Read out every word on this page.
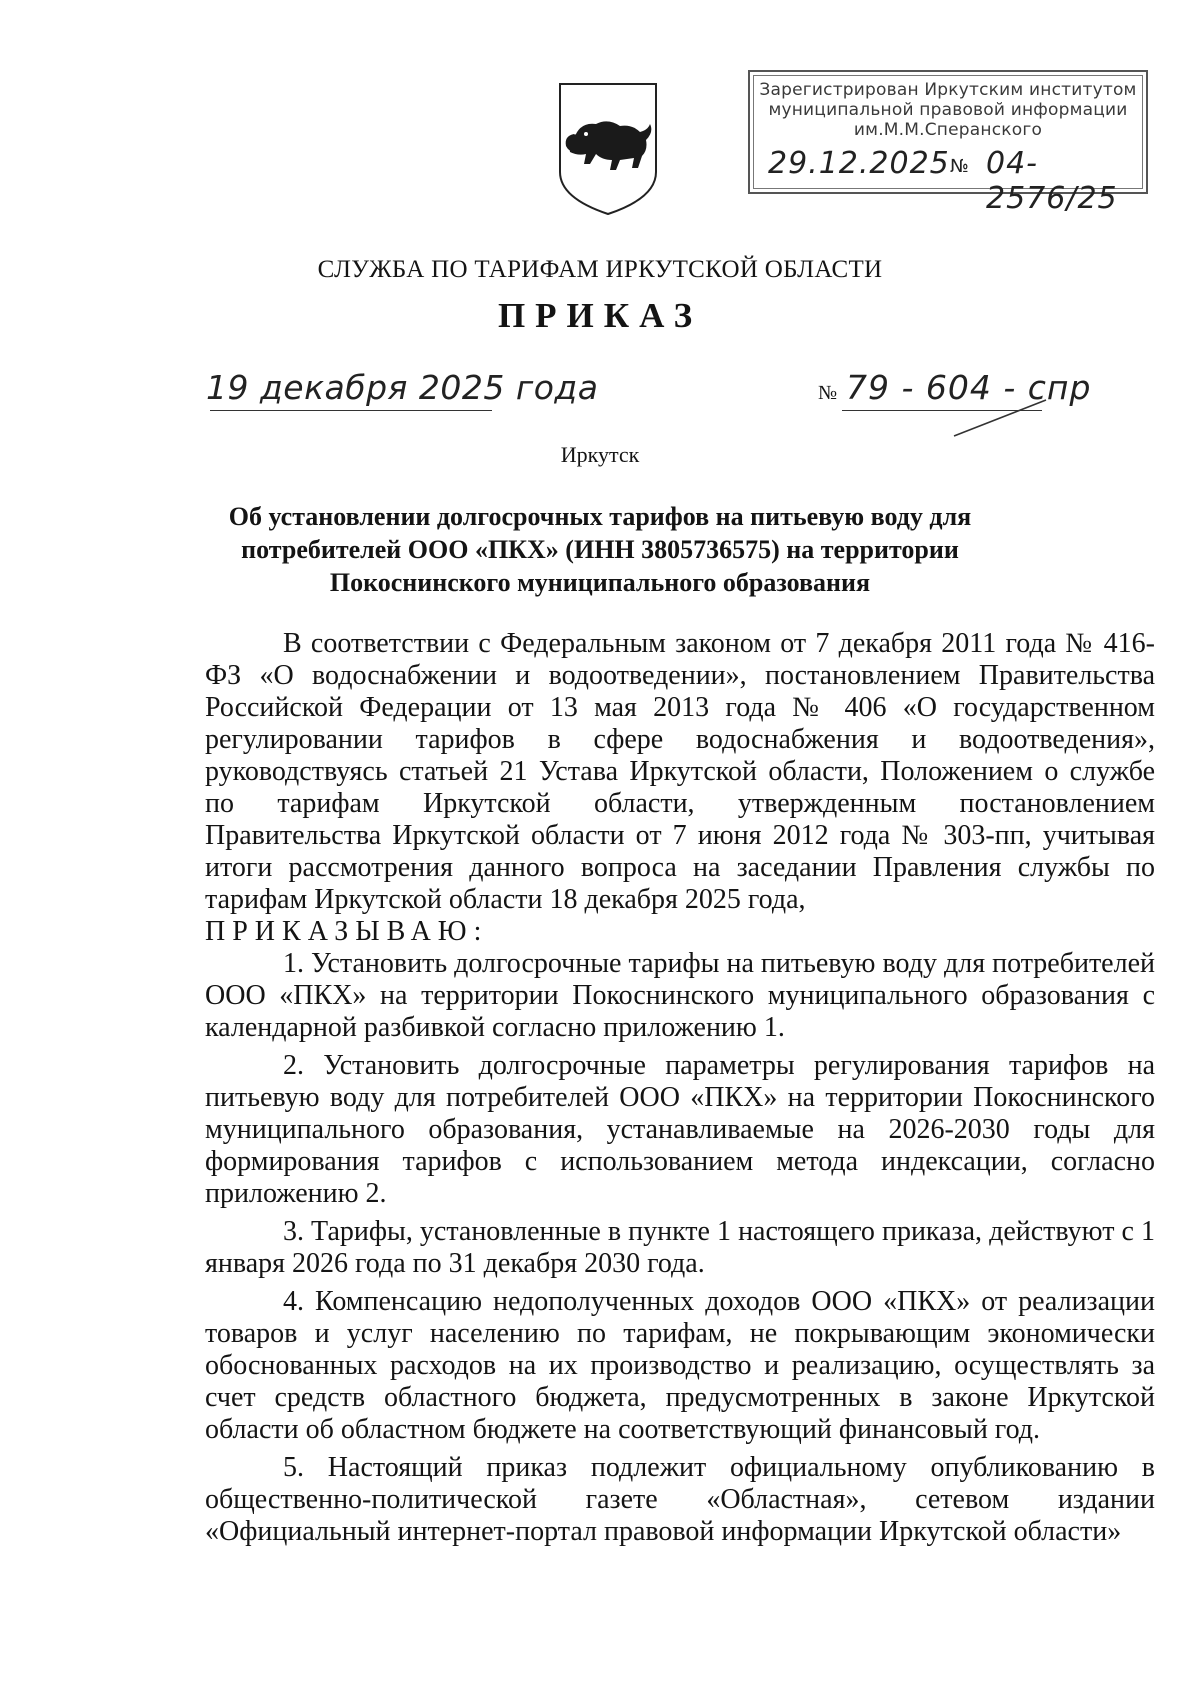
Зарегистрирован Иркутским институтом
муниципальной правовой информации
им.М.М.Сперанского
29.12.2025 № 04-2576/25
СЛУЖБА ПО ТАРИФАМ ИРКУТСКОЙ ОБЛАСТИ
ПРИКАЗ
19 декабря 2025 года	№ 79 - 604 - спр
Иркутск
Об установлении долгосрочных тарифов на питьевую воду для
потребителей ООО «ПКХ» (ИНН 3805736575) на территории
Покоснинского муниципального образования

В соответствии с Федеральным законом от 7 декабря 2011 года № 416-ФЗ «О водоснабжении и водоотведении», постановлением Правительства Российской Федерации от 13 мая 2013 года № 406 «О государственном регулировании тарифов в сфере водоснабжения и водоотведения», руководствуясь статьей 21 Устава Иркутской области, Положением о службе по тарифам Иркутской области, утвержденным постановлением Правительства Иркутской области от 7 июня 2012 года № 303-пп, учитывая итоги рассмотрения данного вопроса на заседании Правления службы по тарифам Иркутской области 18 декабря 2025 года,

ПРИКАЗЫВАЮ:

1. Установить долгосрочные тарифы на питьевую воду для потребителей ООО «ПКХ» на территории Покоснинского муниципального образования с календарной разбивкой согласно приложению 1.

2. Установить долгосрочные параметры регулирования тарифов на питьевую воду для потребителей ООО «ПКХ» на территории Покоснинского муниципального образования, устанавливаемые на 2026-2030 годы для формирования тарифов с использованием метода индексации, согласно приложению 2.

3. Тарифы, установленные в пункте 1 настоящего приказа, действуют с 1 января 2026 года по 31 декабря 2030 года.

4. Компенсацию недополученных доходов ООО «ПКХ» от реализации товаров и услуг населению по тарифам, не покрывающим экономически обоснованных расходов на их производство и реализацию, осуществлять за счет средств областного бюджета, предусмотренных в законе Иркутской области об областном бюджете на соответствующий финансовый год.

5. Настоящий приказ подлежит официальному опубликованию в общественно-политической газете «Областная», сетевом издании «Официальный интернет-портал правовой информации Иркутской области»
